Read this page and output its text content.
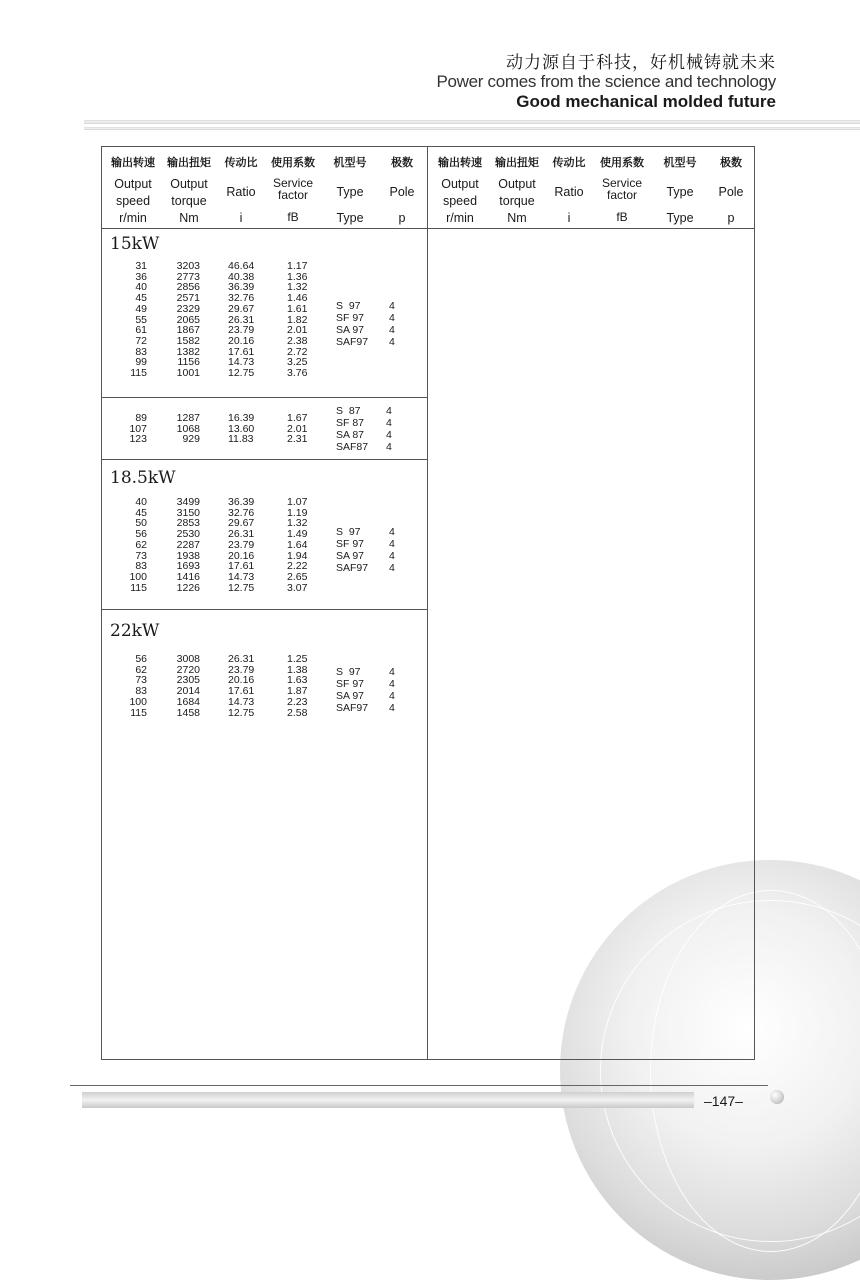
动力源自于科技，好机械铸就未来
Power comes from the science and technology
Good mechanical molded future
输出转速
Output
speed
r/min
输出扭矩
Output
torque
Nm
传动比
Ratio
i
使用系数
Service
factor
fB
机型号
Type
Type
极数
Pole
p
输出转速
Output
speed
r/min
输出扭矩
Output
torque
Nm
传动比
Ratio
i
使用系数
Service
factor
fB
机型号
Type
Type
极数
Pole
p
15kW
31
36
40
45
49
55
61
72
83
99
115
3203
2773
2856
2571
2329
2065
1867
1582
1382
1156
1001
46.64
40.38
36.39
32.76
29.67
26.31
23.79
20.16
17.61
14.73
12.75
1.17
1.36
1.32
1.46
1.61
1.82
2.01
2.38
2.72
3.25
3.76
S  97
SF 97
SA 97
SAF97
4
4
4
4
89
107
123
1287
1068
929
16.39
13.60
11.83
1.67
2.01
2.31
S  87
SF 87
SA 87
SAF87
4
4
4
4
18.5kW
40
45
50
56
62
73
83
100
115
3499
3150
2853
2530
2287
1938
1693
1416
1226
36.39
32.76
29.67
26.31
23.79
20.16
17.61
14.73
12.75
1.07
1.19
1.32
1.49
1.64
1.94
2.22
2.65
3.07
S  97
SF 97
SA 97
SAF97
4
4
4
4
22kW
56
62
73
83
100
115
3008
2720
2305
2014
1684
1458
26.31
23.79
20.16
17.61
14.73
12.75
1.25
1.38
1.63
1.87
2.23
2.58
S  97
SF 97
SA 97
SAF97
4
4
4
4
–147–
